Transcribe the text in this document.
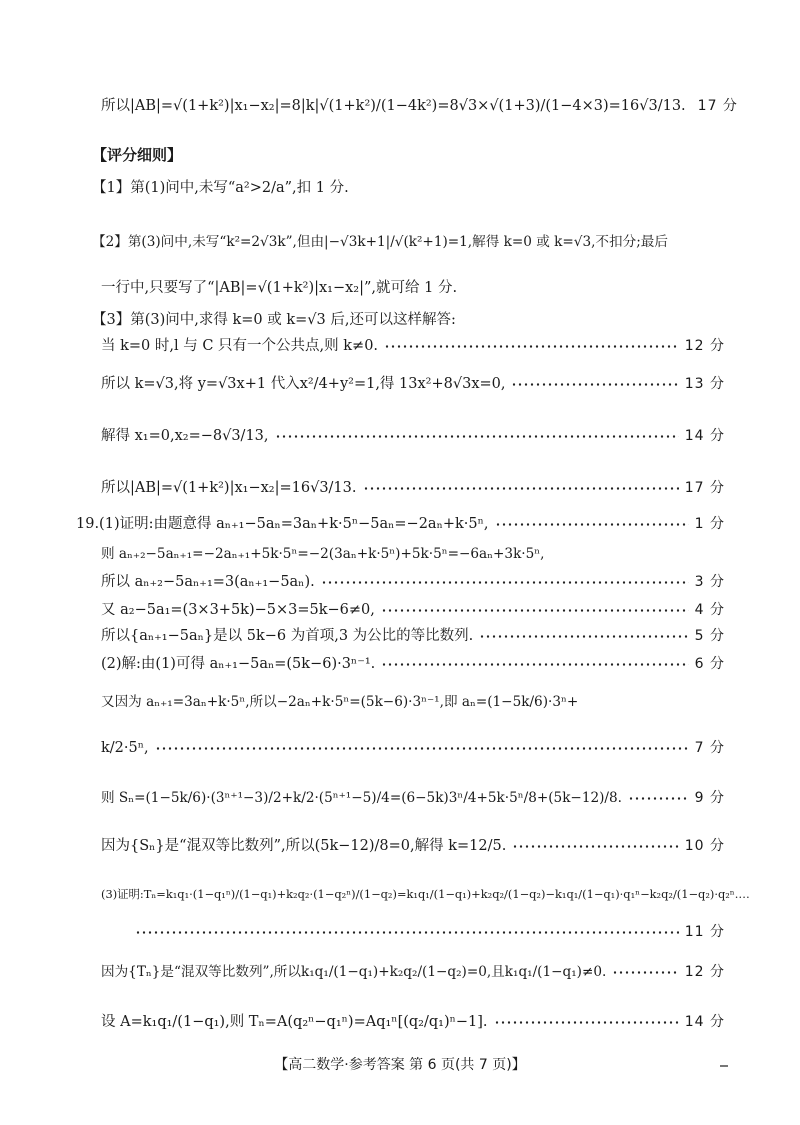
所以|AB|=√(1+k²)|x₁−x₂|=8|k|√(1+k²)/(1−4k²)=8√3×√(1+3)/(1−4×3)=16√3/13. 17 分
【评分细则】
【1】第(1)问中,未写“a²>2/a”,扣 1 分.
【2】第(3)问中,未写“k²=2√3k”,但由|−√3k+1|/√(k²+1)=1,解得 k=0 或 k=√3,不扣分;最后
一行中,只要写了“|AB|=√(1+k²)|x₁−x₂|”,就可给 1 分.
【3】第(3)问中,求得 k=0 或 k=√3 后,还可以这样解答:
当 k=0 时,l 与 C 只有一个公共点,则 k≠0.	12 分
所以 k=√3,将 y=√3x+1 代入x²/4+y²=1,得 13x²+8√3x=0,	13 分
解得 x₁=0,x₂=−8√3/13,	14 分
所以|AB|=√(1+k²)|x₁−x₂|=16√3/13.	17 分
19.(1)证明:由题意得 aₙ₊₁−5aₙ=3aₙ+k·5ⁿ−5aₙ=−2aₙ+k·5ⁿ,	1 分
则 aₙ₊₂−5aₙ₊₁=−2aₙ₊₁+5k·5ⁿ=−2(3aₙ+k·5ⁿ)+5k·5ⁿ=−6aₙ+3k·5ⁿ,
所以 aₙ₊₂−5aₙ₊₁=3(aₙ₊₁−5aₙ).	3 分
又 a₂−5a₁=(3×3+5k)−5×3=5k−6≠0,	4 分
所以{aₙ₊₁−5aₙ}是以 5k−6 为首项,3 为公比的等比数列.	5 分
(2)解:由(1)可得 aₙ₊₁−5aₙ=(5k−6)·3ⁿ⁻¹.	6 分
又因为 aₙ₊₁=3aₙ+k·5ⁿ,所以−2aₙ+k·5ⁿ=(5k−6)·3ⁿ⁻¹,即 aₙ=(1−5k/6)·3ⁿ+
k/2·5ⁿ,	7 分
则 Sₙ=(1−5k/6)·(3ⁿ⁺¹−3)/2+k/2·(5ⁿ⁺¹−5)/4=(6−5k)3ⁿ/4+5k·5ⁿ/8+(5k−12)/8.	9 分
因为{Sₙ}是“混双等比数列”,所以(5k−12)/8=0,解得 k=12/5.	10 分
(3)证明:Tₙ=k₁q₁·(1−q₁ⁿ)/(1−q₁)+k₂q₂·(1−q₂ⁿ)/(1−q₂)=k₁q₁/(1−q₁)+k₂q₂/(1−q₂)−k₁q₁/(1−q₁)·q₁ⁿ−k₂q₂/(1−q₂)·q₂ⁿ.…
11 分
因为{Tₙ}是“混双等比数列”,所以k₁q₁/(1−q₁)+k₂q₂/(1−q₂)=0,且k₁q₁/(1−q₁)≠0.	12 分
设 A=k₁q₁/(1−q₁),则 Tₙ=A(q₂ⁿ−q₁ⁿ)=Aq₁ⁿ[(q₂/q₁)ⁿ−1].	14 分
【高二数学·参考答案 第 6 页(共 7 页)】
